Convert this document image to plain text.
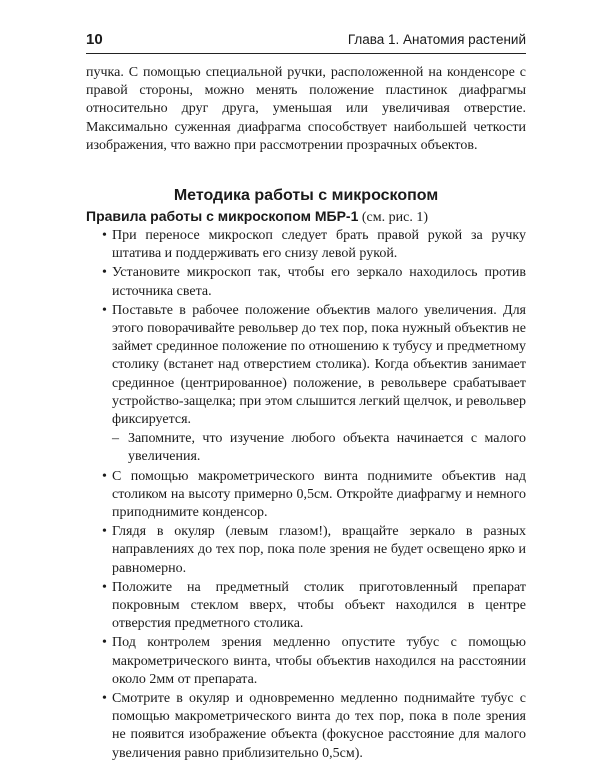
10	Глава 1. Анатомия растений

пучка. С помощью специальной ручки, расположенной на конденсоре с правой стороны, можно менять положение пластинок диафрагмы относительно друг друга, уменьшая или увеличивая отверстие. Максимально суженная диафрагма способствует наибольшей четкости изображения, что важно при рассмотрении прозрачных объектов.

Методика работы с микроскопом
Правила работы с микроскопом МБР-1 (см. рис. 1)
• При переносе микроскоп следует брать правой рукой за ручку штатива и поддерживать его снизу левой рукой.

• Установите микроскоп так, чтобы его зеркало находилось против источника света.

• Поставьте в рабочее положение объектив малого увеличения. Для этого поворачивайте револьвер до тех пор, пока нужный объектив не займет срединное положение по отношению к тубусу и предметному столику (встанет над отверстием столика). Когда объектив занимает срединное (центрированное) положение, в револьвере срабатывает устройство-защелка; при этом слышится легкий щелчок, и револьвер фиксируется.

– Запомните, что изучение любого объекта начинается с малого увеличения.

• С помощью макрометрического винта поднимите объектив над столиком на высоту примерно 0,5см. Откройте диафрагму и немного приподнимите конденсор.

• Глядя в окуляр (левым глазом!), вращайте зеркало в разных направлениях до тех пор, пока поле зрения не будет освещено ярко и равномерно.

• Положите на предметный столик приготовленный препарат покровным стеклом вверх, чтобы объект находился в центре отверстия предметного столика.

• Под контролем зрения медленно опустите тубус с помощью макрометрического винта, чтобы объектив находился на расстоянии около 2мм от препарата.

• Смотрите в окуляр и одновременно медленно поднимайте тубус с помощью макрометрического винта до тех пор, пока в поле зрения не появится изображение объекта (фокусное расстояние для малого увеличения равно приблизительно 0,5см).
